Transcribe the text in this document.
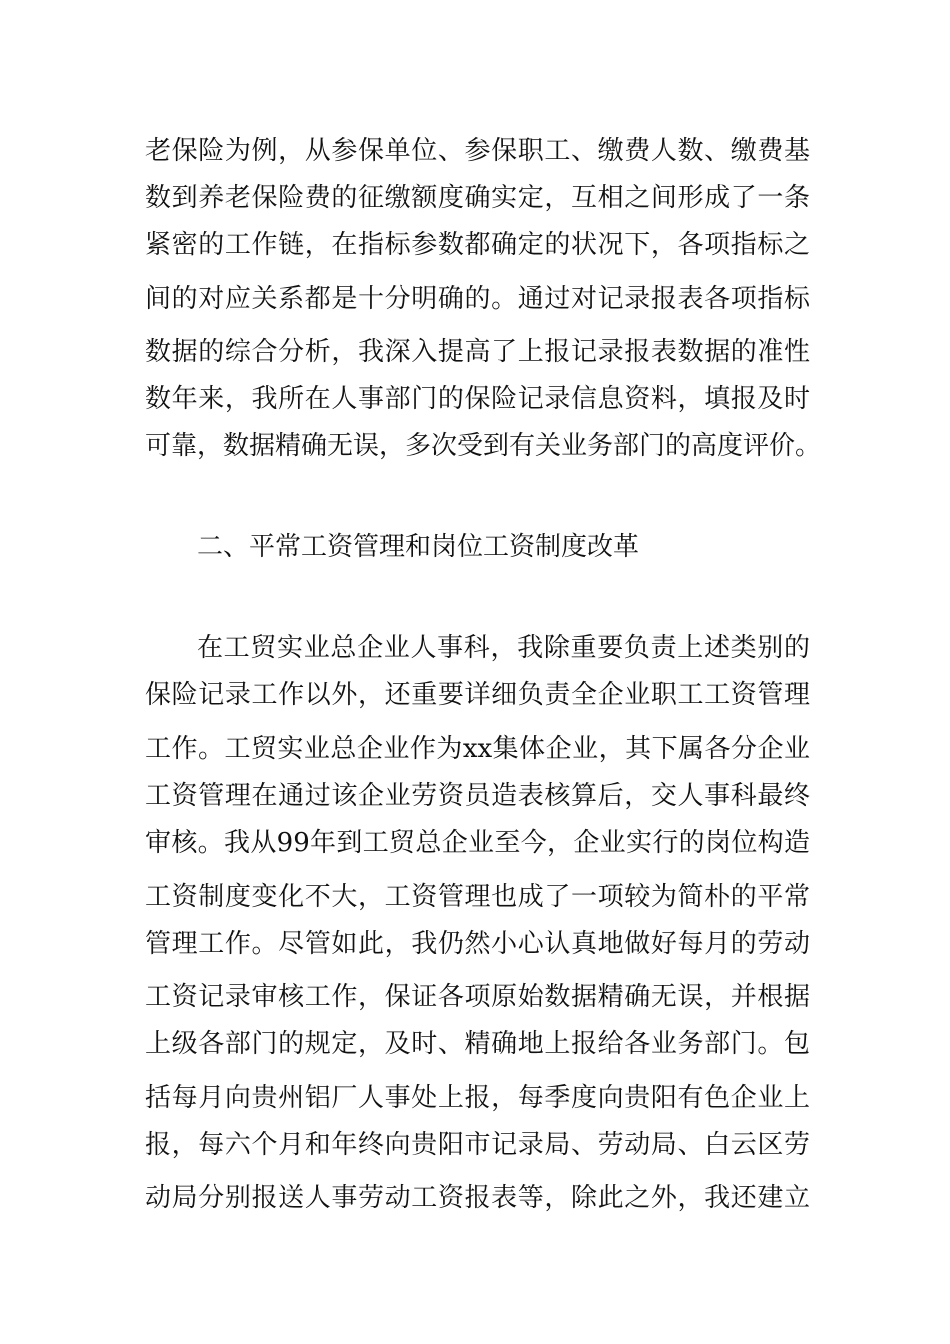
老保险为例，从参保单位、参保职工、缴费人数、缴费基

数到养老保险费的征缴额度确实定，互相之间形成了一条

紧密的工作链，在指标参数都确定的状况下，各项指标之

间的对应关系都是十分明确的。通过对记录报表各项指标

数据的综合分析，我深入提高了上报记录报表数据的准性

数年来，我所在人事部门的保险记录信息资料，填报及时

可靠，数据精确无误，多次受到有关业务部门的高度评价。

二、平常工资管理和岗位工资制度改革

在工贸实业总企业人事科，我除重要负责上述类别的

保险记录工作以外，还重要详细负责全企业职工工资管理

工作。工贸实业总企业作为xx集体企业，其下属各分企业

工资管理在通过该企业劳资员造表核算后，交人事科最终

审核。我从99年到工贸总企业至今，企业实行的岗位构造

工资制度变化不大，工资管理也成了一项较为简朴的平常

管理工作。尽管如此，我仍然小心认真地做好每月的劳动

工资记录审核工作，保证各项原始数据精确无误，并根据

上级各部门的规定，及时、精确地上报给各业务部门。包

括每月向贵州铝厂人事处上报，每季度向贵阳有色企业上

报，每六个月和年终向贵阳市记录局、劳动局、白云区劳

动局分别报送人事劳动工资报表等，除此之外，我还建立
